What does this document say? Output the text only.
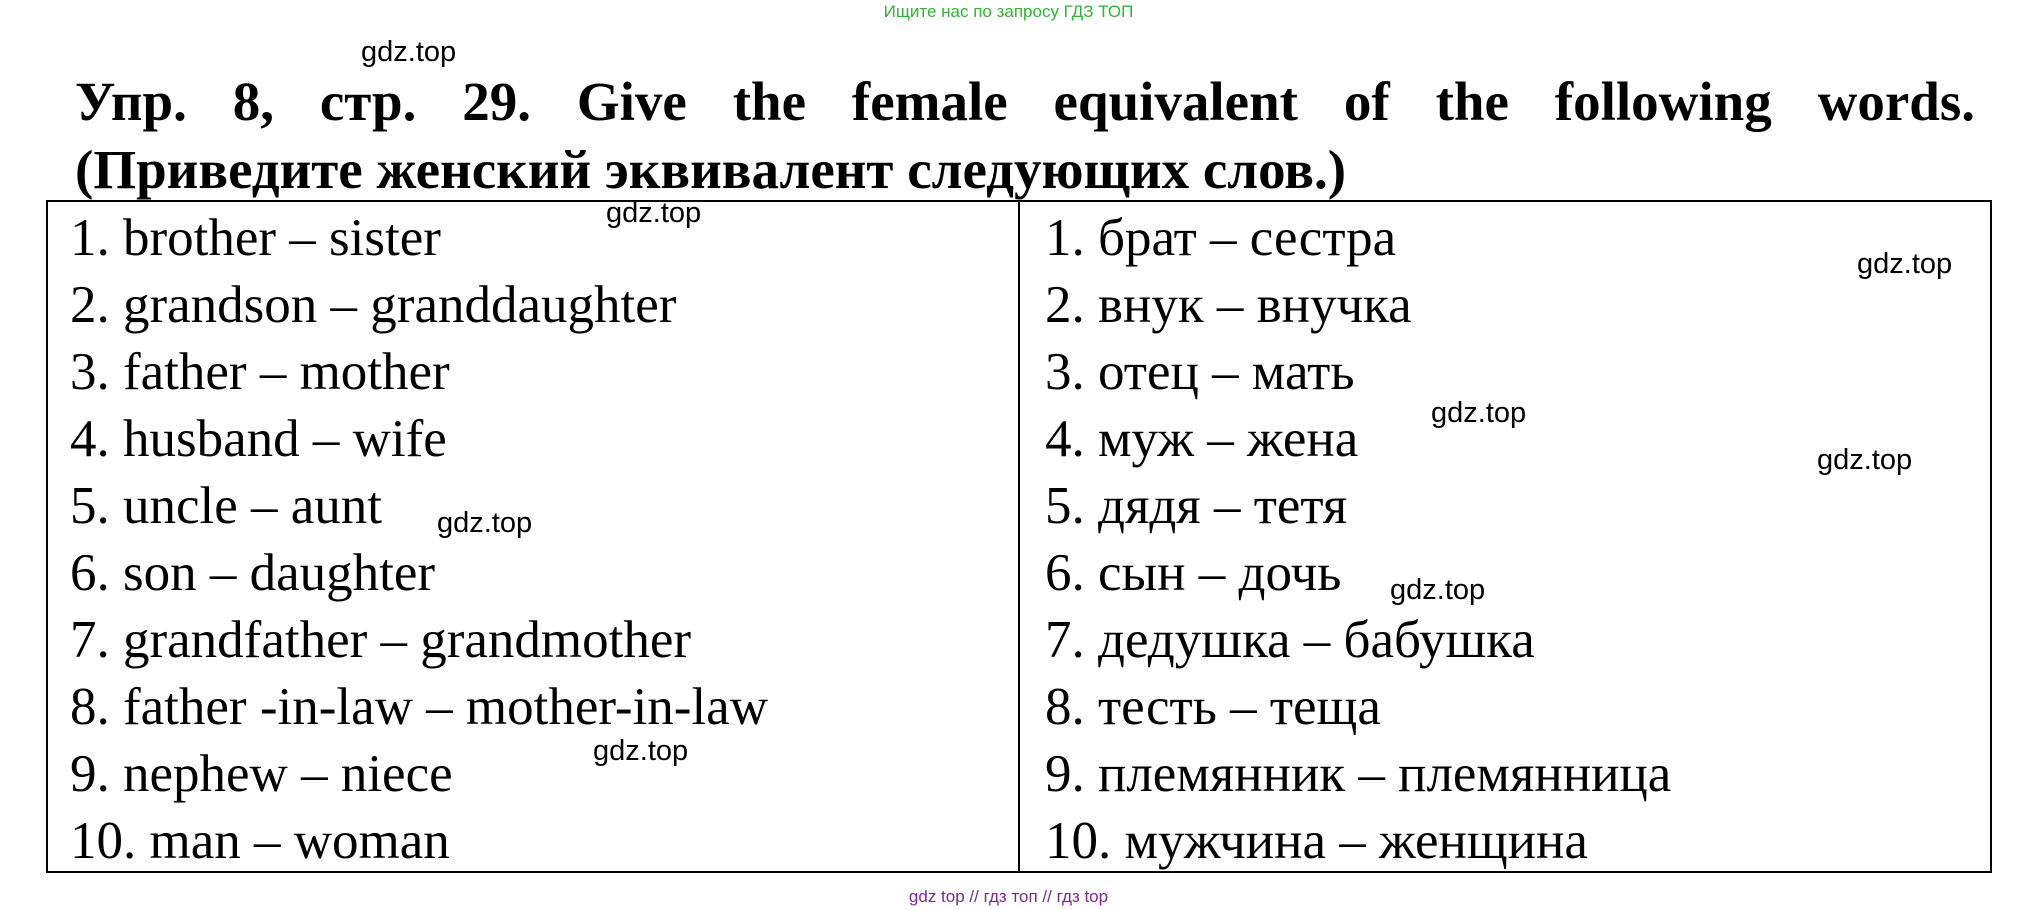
Ищите нас по запросу ГДЗ ТОП
Упр. 8, стр. 29. Give the female equivalent of the following words.
(Приведите женский эквивалент следующих слов.)
1. brother – sister
2. grandson – granddaughter
3. father – mother
4. husband – wife
5. uncle – aunt
6. son – daughter
7. grandfather – grandmother
8. father -in-law – mother-in-law
9. nephew – niece
10. man – woman
1. брат – сестра
2. внук – внучка
3. отец – мать
4. муж – жена
5. дядя – тетя
6. сын – дочь
7. дедушка – бабушка
8. тесть – теща
9. племянник – племянница
10. мужчина – женщина
gdz.top
gdz.top
gdz.top
gdz.top
gdz.top
gdz.top
gdz.top
gdz.top
gdz top // гдз топ // гдз top
